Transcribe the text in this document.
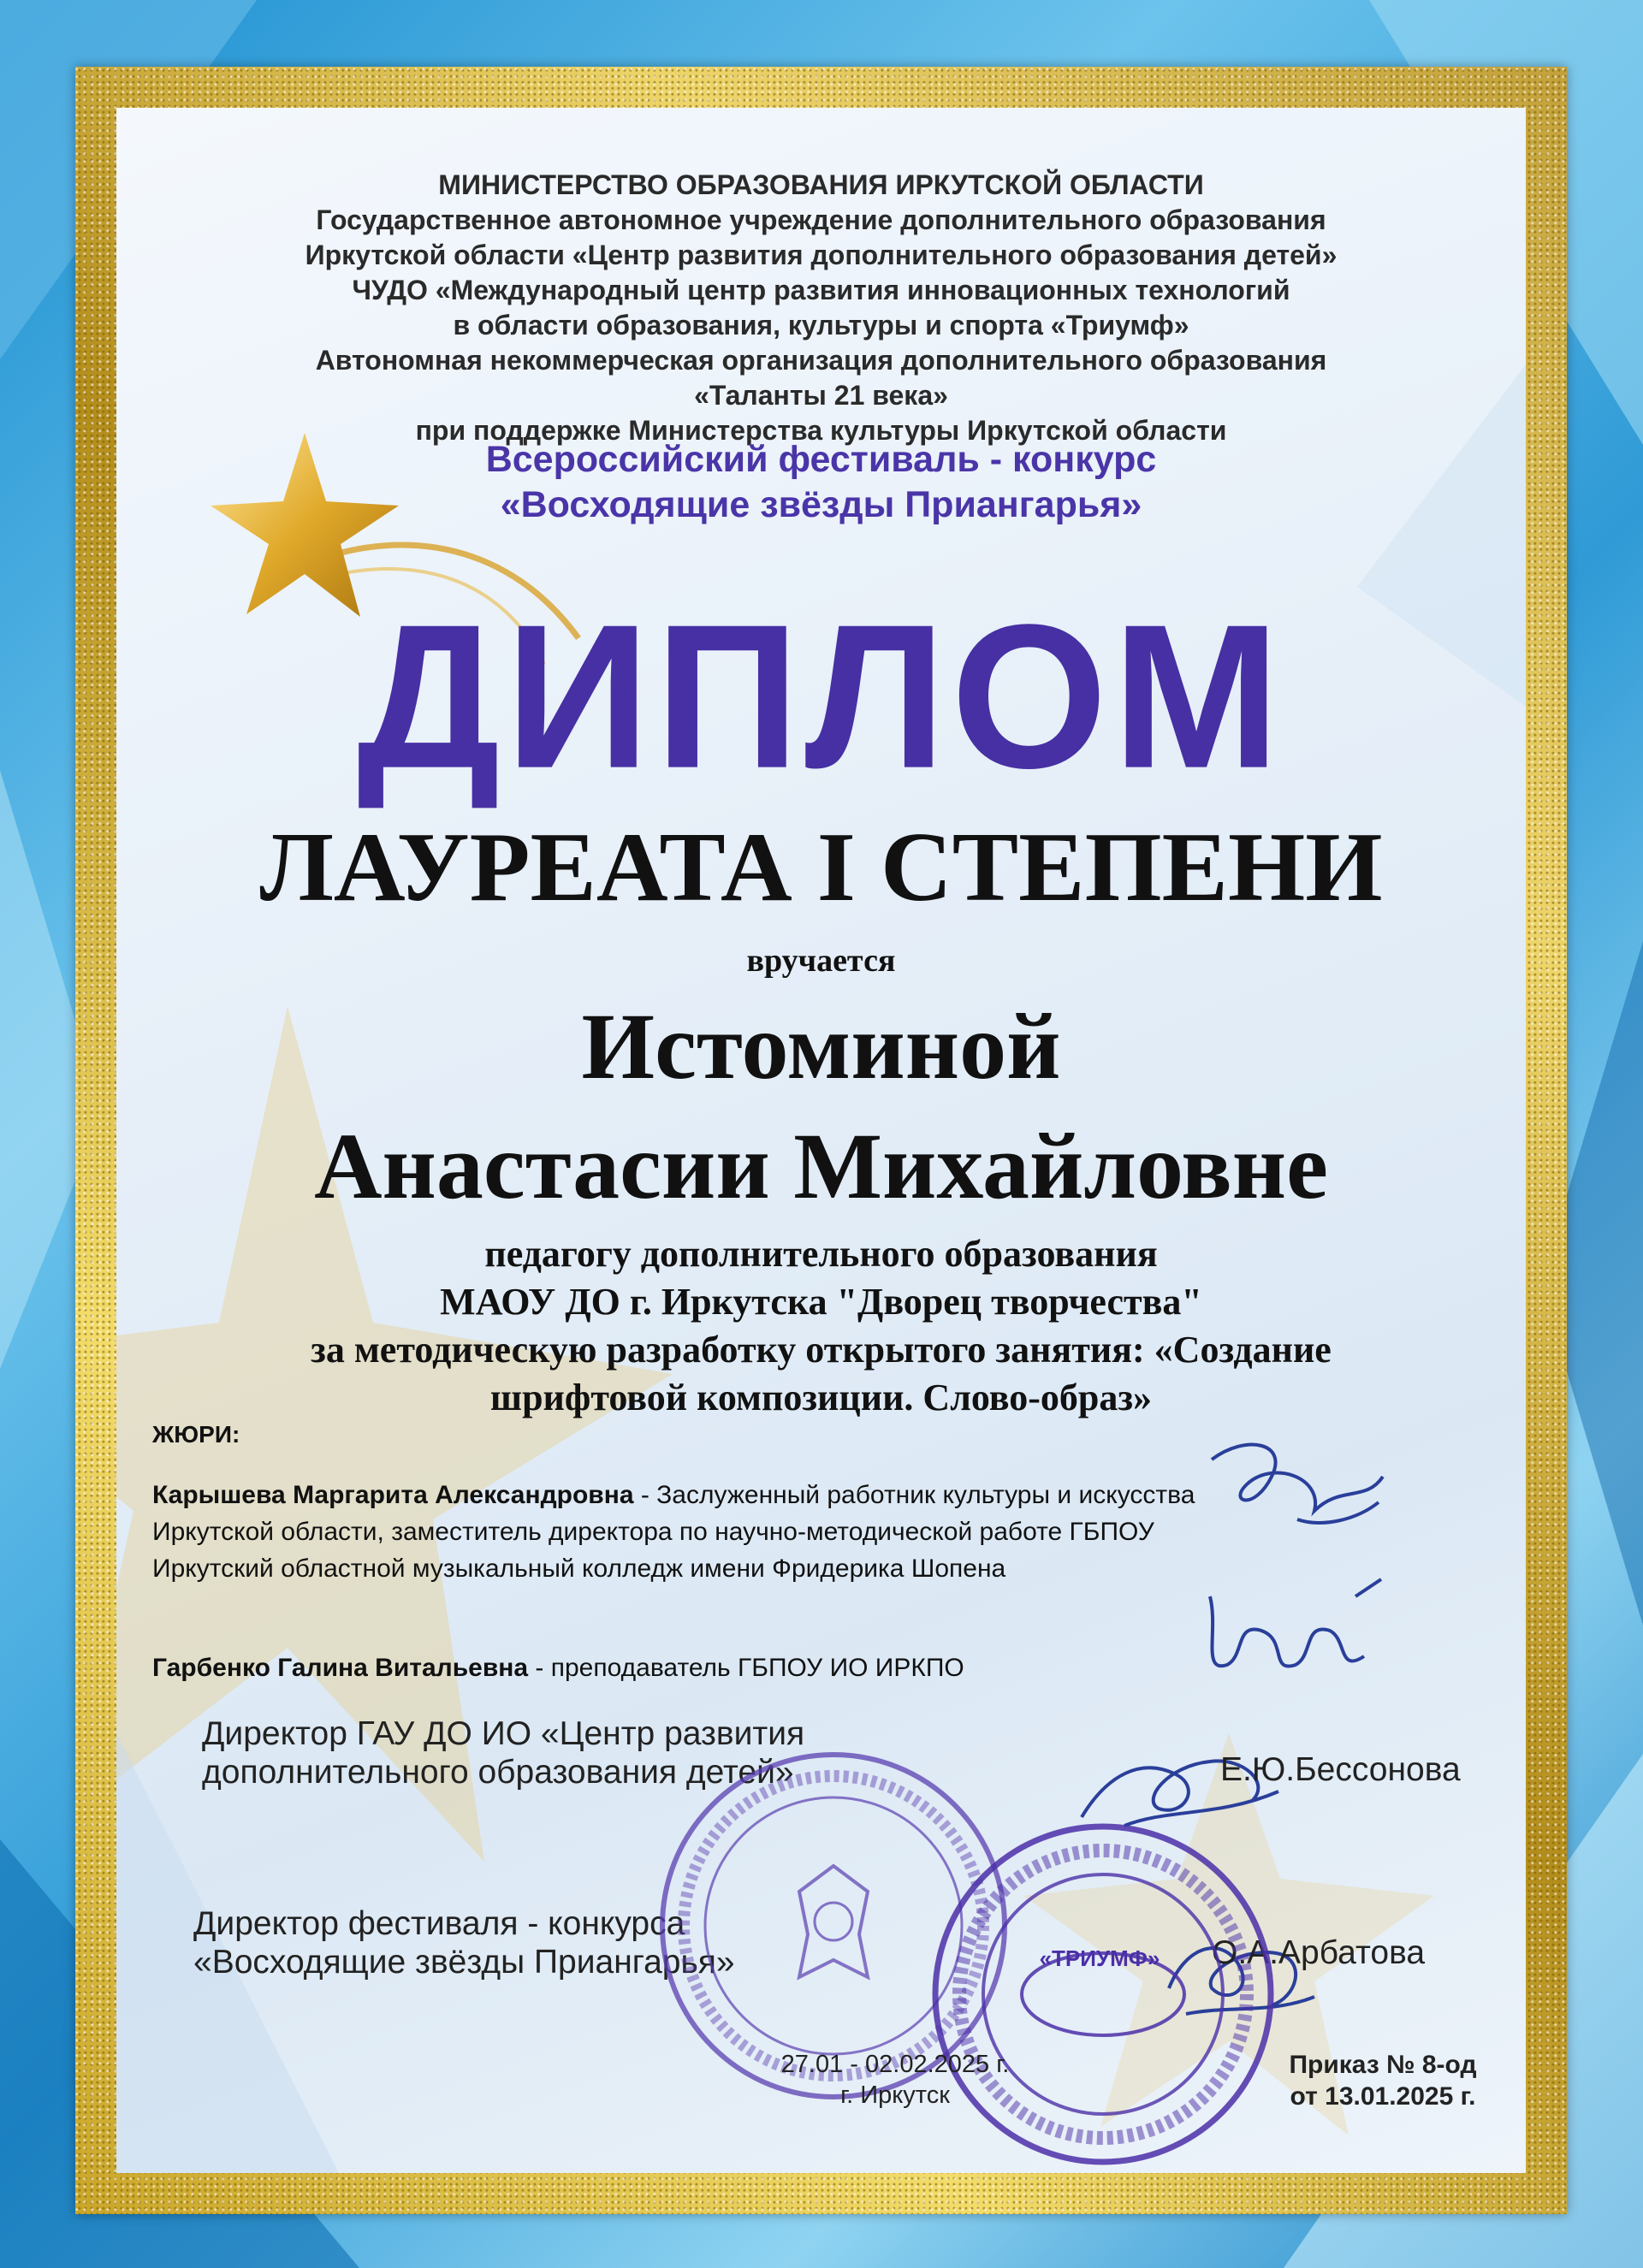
МИНИСТЕРСТВО ОБРАЗОВАНИЯ ИРКУТСКОЙ ОБЛАСТИ

Государственное автономное учреждение дополнительного образования

Иркутской области «Центр развития дополнительного образования детей»

ЧУДО «Международный центр развития инновационных технологий

в области образования, культуры и спорта «Триумф»

Автономная некоммерческая организация дополнительного образования

«Таланты 21 века»

при поддержке Министерства культуры Иркутской области

Всероссийский фестиваль - конкурс

«Восходящие звёзды Приангарья»

ДИПЛОМ
ЛАУРЕАТА I СТЕПЕНИ
вручается
Истоминой
Анастасии Михайловне

педагогу дополнительного образования

МАОУ ДО г. Иркутска "Дворец творчества"

за методическую разработку открытого занятия: «Создание

шрифтовой композиции. Слово-образ»

ЖЮРИ:
Карышева Маргарита Александровна - Заслуженный работник культуры и искусства Иркутской области, заместитель директора по научно-методической работе ГБПОУ Иркутский областной музыкальный колледж имени Фридерика Шопена
Гарбенко Галина Витальевна - преподаватель ГБПОУ ИО ИРКПО
Директор ГАУ ДО ИО «Центр развития
дополнительного образования детей»	Е.Ю.Бессонова
Директор фестиваля - конкурса
«Восходящие звёзды Приангарья»	О.А.Арбатова
«ТРИУМФ»
27.01 - 02.02.2025 г.
г. Иркутск
Приказ № 8-од
от 13.01.2025 г.
